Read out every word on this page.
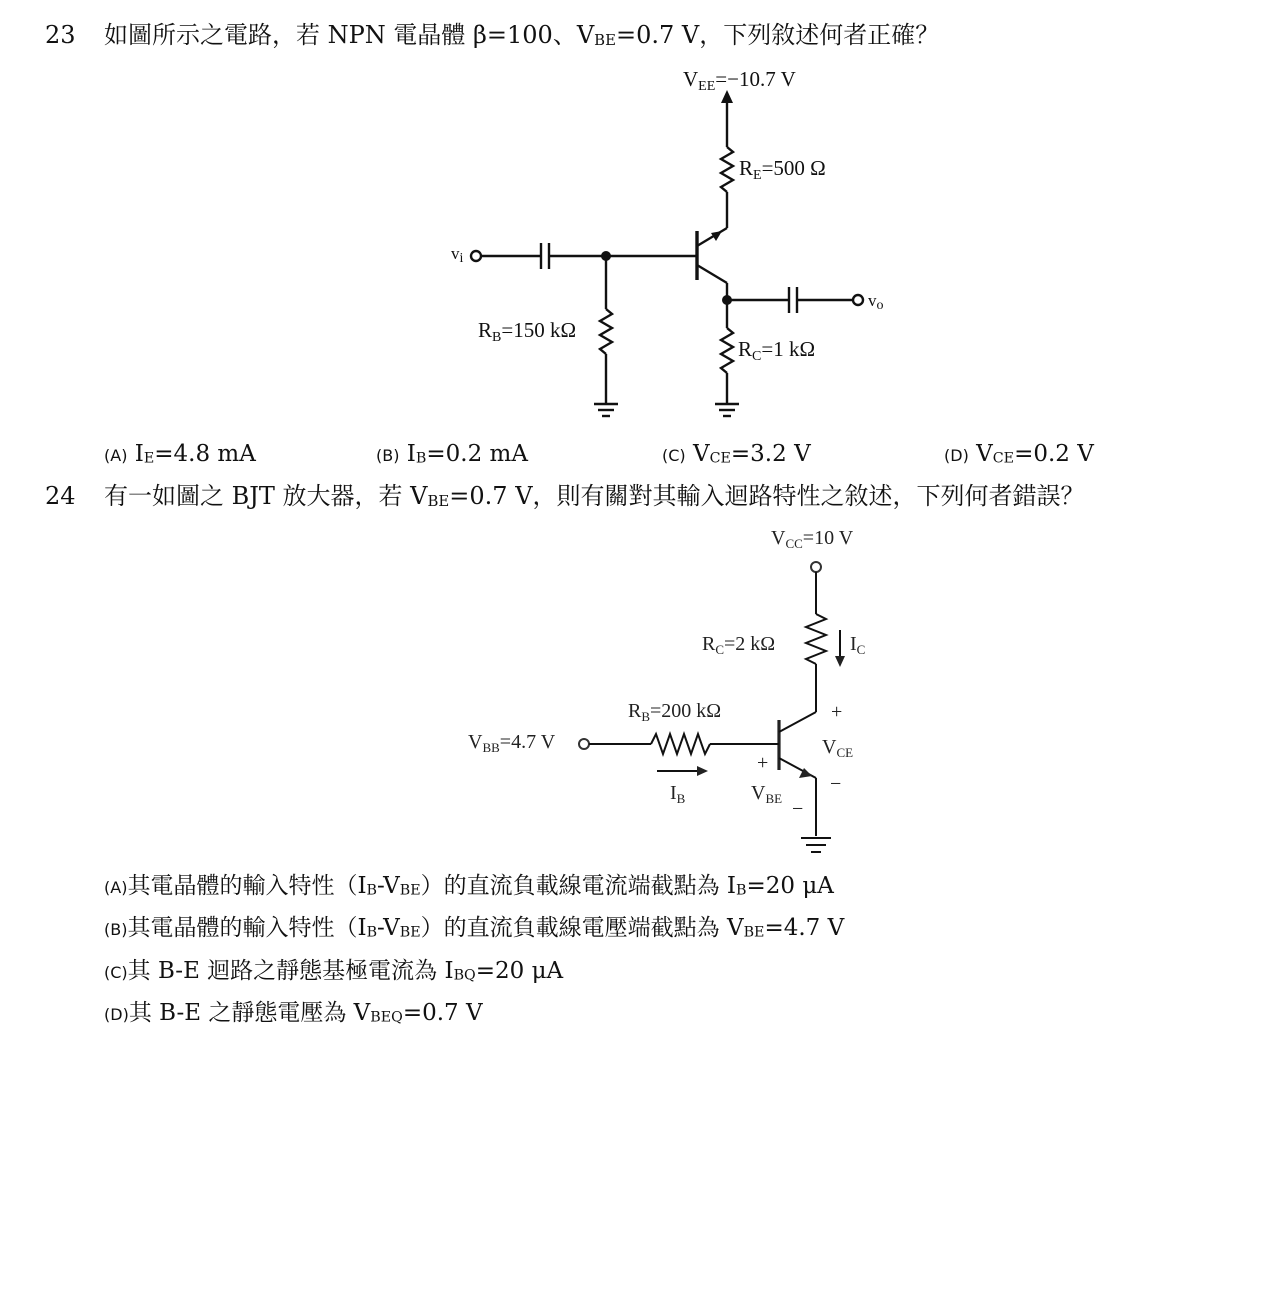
23 如圖所示之電路，若 NPN 電晶體 β=100、$V_{BE}=0.7$ V，下列敘述何者正確？
VEE=−10.7 V
RE=500 Ω
RB=150 kΩ
RC=1 kΩ
vi
vo
(A) $I_E=4.8$ mA	(B) $I_B=0.2$ mA	(C) $V_{CE}=3.2$ V	(D) $V_{CE}=0.2$ V
24 有一如圖之 BJT 放大器，若 $V_{BE}=0.7$ V，則有關對其輸入迴路特性之敘述，下列何者錯誤？
$V_{CC}=10$ V
$R_C=2$ kΩ	$I_C$
$R_B=200$ kΩ
$V_{BB}=4.7$ V
$I_B$	$V_{BE}$
$V_{CE}$
+
−
+
−
(A)其電晶體的輸入特性$(I_B-V_{BE})$的直流負載線電流端截點為 $I_B=20$ μA
(B)其電晶體的輸入特性$(I_B-V_{BE})$的直流負載線電壓端截點為 $V_{BE}=4.7$ V
(C)其 B-E 迴路之靜態基極電流為 $I_{BQ}=20$ μA
(D)其 B-E 之靜態電壓為 $V_{BEQ}=0.7$ V
